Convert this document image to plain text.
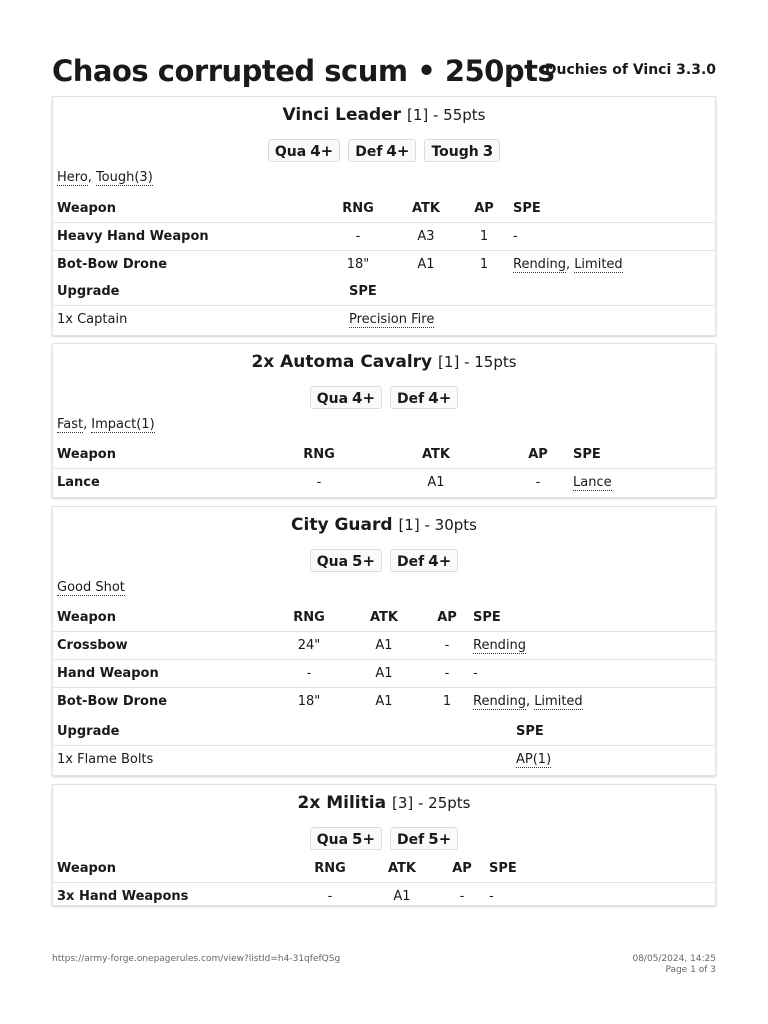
Chaos corrupted scum • 250pts
Duchies of Vinci 3.3.0
Vinci Leader [1] - 55pts
Qua 4+	Def 4+	Tough 3
Hero, Tough(3)
Weapon	RNG	ATK	AP	SPE
Heavy Hand Weapon	-	A3	1	-
Bot-Bow Drone	18"	A1	1	Rending, Limited
Upgrade	SPE
1x Captain	Precision Fire
2x Automa Cavalry [1] - 15pts
Qua 4+	Def 4+
Fast, Impact(1)
Weapon	RNG	ATK	AP	SPE
Lance	-	A1	-	Lance
City Guard [1] - 30pts
Qua 5+	Def 4+
Good Shot
Weapon	RNG	ATK	AP	SPE
Crossbow	24"	A1	-	Rending
Hand Weapon	-	A1	-	-
Bot-Bow Drone	18"	A1	1	Rending, Limited
Upgrade	SPE
1x Flame Bolts	AP(1)
2x Militia [3] - 25pts
Qua 5+	Def 5+
Weapon	RNG	ATK	AP	SPE
3x Hand Weapons	-	A1	-	-
https://army-forge.onepagerules.com/view?listId=h4-31qfefQSg	08/05/2024, 14:25
Page 1 of 3
